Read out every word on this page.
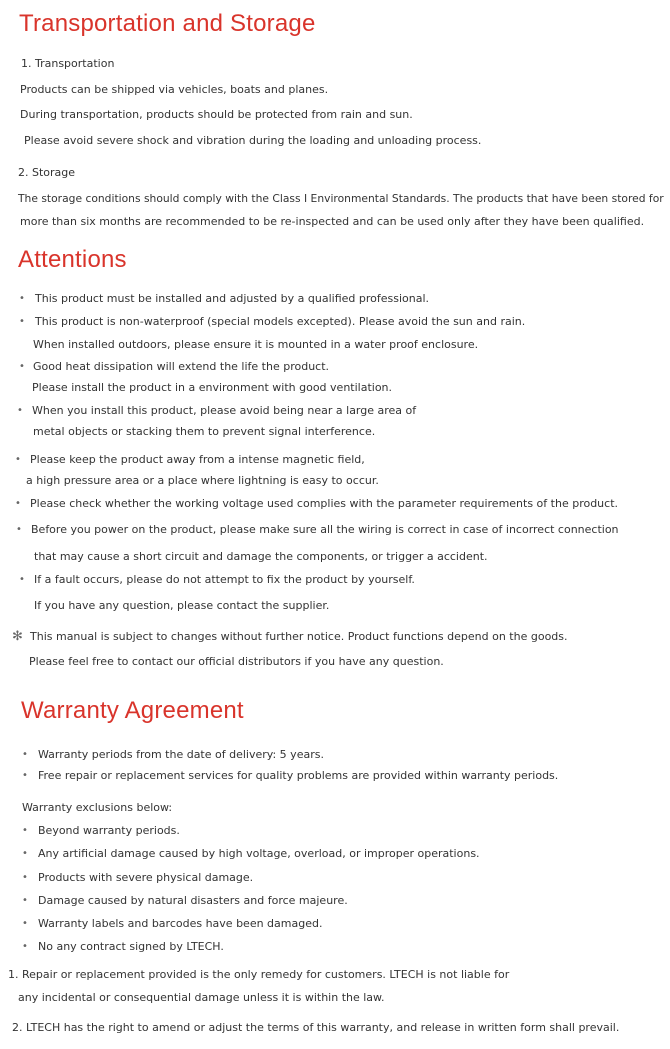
Transportation and Storage
1. Transportation
Products can be shipped via vehicles, boats and planes.
During transportation, products should be protected from rain and sun.
Please avoid severe shock and vibration during the loading and unloading process.
2. Storage
The storage conditions should comply with the Class I Environmental Standards. The products that have been stored for
more than six months are recommended to be re-inspected and can be used only after they have been qualified.
Attentions
• This product must be installed and adjusted by a qualified professional.
• This product is non-waterproof (special models excepted). Please avoid the sun and rain.
When installed outdoors, please ensure it is mounted in a water proof enclosure.
• Good heat dissipation will extend the life the product.
Please install the product in a environment with good ventilation.
• When you install this product, please avoid being near a large area of
metal objects or stacking them to prevent signal interference.
• Please keep the product away from a intense magnetic field,
a high pressure area or a place where lightning is easy to occur.
• Please check whether the working voltage used complies with the parameter requirements of the product.
• Before you power on the product, please make sure all the wiring is correct in case of incorrect connection
that may cause a short circuit and damage the components, or trigger a accident.
• If a fault occurs, please do not attempt to fix the product by yourself.
If you have any question, please contact the supplier.
✻ This manual is subject to changes without further notice. Product functions depend on the goods.
Please feel free to contact our official distributors if you have any question.
Warranty Agreement
• Warranty periods from the date of delivery: 5 years.
• Free repair or replacement services for quality problems are provided within warranty periods.
Warranty exclusions below:
• Beyond warranty periods.
• Any artificial damage caused by high voltage, overload, or improper operations.
• Products with severe physical damage.
• Damage caused by natural disasters and force majeure.
• Warranty labels and barcodes have been damaged.
• No any contract signed by LTECH.
1. Repair or replacement provided is the only remedy for customers. LTECH is not liable for
any incidental or consequential damage unless it is within the law.
2. LTECH has the right to amend or adjust the terms of this warranty, and release in written form shall prevail.
